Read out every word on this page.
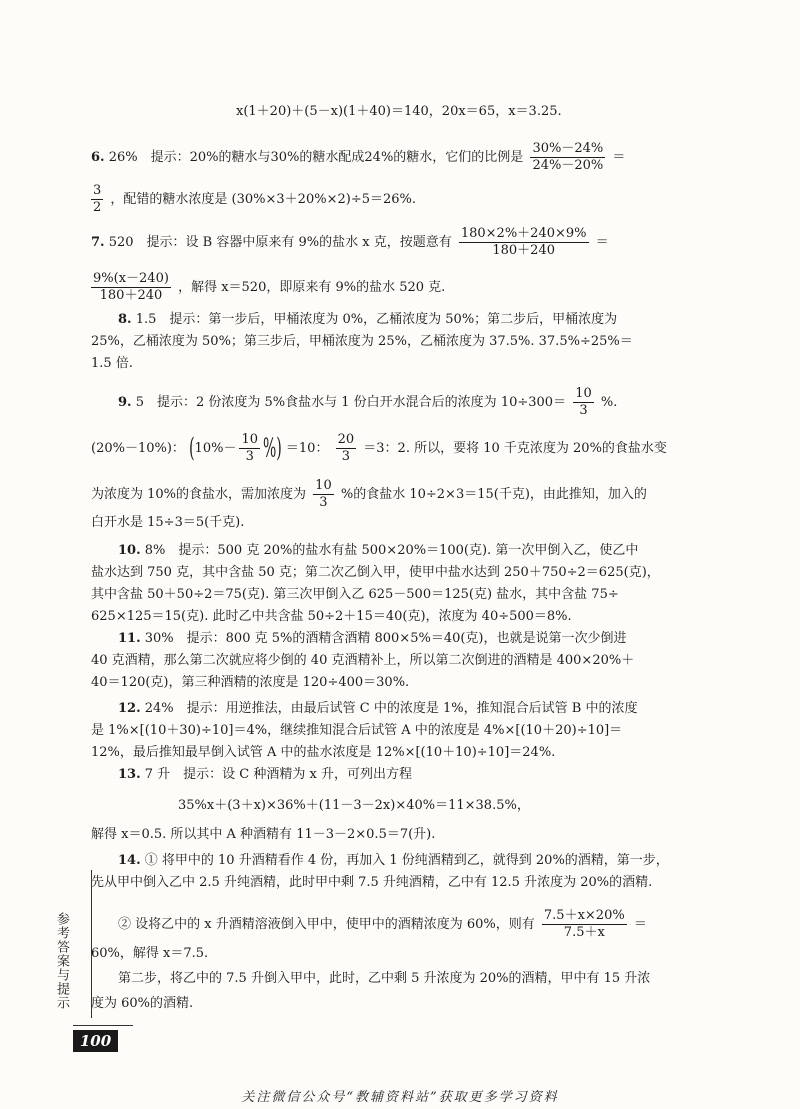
x(1＋20)＋(5－x)(1＋40)＝140，20x＝65，x＝3.25.
6. 26%　提示：20%的糖水与30%的糖水配成24%的糖水，它们的比例是 $\frac{30\%-24\%}{24\%-20\%}$ ＝
$\frac{3}{2}$ ，配错的糖水浓度是 (30%×3＋20%×2)÷5＝26%.
7. 520　提示：设 B 容器中原来有 9%的盐水 x 克，按题意有 $\frac{180\times 2\%+240\times 9\%}{180+240}$ ＝
$\frac{9\%(x-240)}{180+240}$ ，解得 x＝520，即原来有 9%的盐水 520 克.
8. 1.5　提示：第一步后，甲桶浓度为 0%，乙桶浓度为 50%；第二步后，甲桶浓度为
25%，乙桶浓度为 50%；第三步后，甲桶浓度为 25%，乙桶浓度为 37.5%. 37.5%÷25%＝
1.5 倍.
9. 5　提示：2 份浓度为 5%食盐水与 1 份白开水混合后的浓度为 $10\div 300= \frac{10}{3}$ %.
(20%－10%)： ($10\%- \frac{10}{3}$ %) ＝10： $\frac{20}{3} =3$：2. 所以，要将 10 千克浓度为 20%的食盐水变
为浓度为 10%的食盐水，需加浓度为 $\frac{10}{3}$ %的食盐水 10÷2×3＝15(千克)，由此推知，加入的
白开水是 15÷3＝5(千克).
10. 8%　提示：500 克 20%的盐水有盐 500×20%＝100(克). 第一次甲倒入乙，使乙中
盐水达到 750 克，其中含盐 50 克；第二次乙倒入甲，使甲中盐水达到 250＋750÷2＝625(克)，
其中含盐 50＋50÷2＝75(克). 第三次甲倒入乙 625－500＝125(克) 盐水，其中含盐 75÷
625×125＝15(克). 此时乙中共含盐 50÷2＋15＝40(克)，浓度为 40÷500＝8%.
11. 30%　提示：800 克 5%的酒精含酒精 800×5%＝40(克)，也就是说第一次少倒进
40 克酒精，那么第二次就应将少倒的 40 克酒精补上，所以第二次倒进的酒精是 400×20%＋
40＝120(克)，第三种酒精的浓度是 120÷400＝30%.
12. 24%　提示：用逆推法，由最后试管 C 中的浓度是 1%，推知混合后试管 B 中的浓度
是 1%×[(10＋30)÷10]＝4%，继续推知混合后试管 A 中的浓度是 4%×[(10＋20)÷10]＝
12%，最后推知最早倒入试管 A 中的盐水浓度是 12%×[(10＋10)÷10]＝24%.
13. 7 升　提示：设 C 种酒精为 x 升，可列出方程
35%x＋(3＋x)×36%＋(11－3－2x)×40%＝11×38.5%，
解得 x＝0.5. 所以其中 A 种酒精有 11－3－2×0.5＝7(升).
14. ① 将甲中的 10 升酒精看作 4 份，再加入 1 份纯酒精到乙，就得到 20%的酒精，第一步，
先从甲中倒入乙中 2.5 升纯酒精，此时甲中剩 7.5 升纯酒精，乙中有 12.5 升浓度为 20%的酒精.
② 设将乙中的 x 升酒精溶液倒入甲中，使甲中的酒精浓度为 60%，则有 $\frac{7.5+x\times 20\%}{7.5+x}$ ＝
60%，解得 x＝7.5.
第二步，将乙中的 7.5 升倒入甲中，此时，乙中剩 5 升浓度为 20%的酒精，甲中有 15 升浓
度为 60%的酒精.
参考答案与提示
100
关注微信公众号“教辅资料站”获取更多学习资料
